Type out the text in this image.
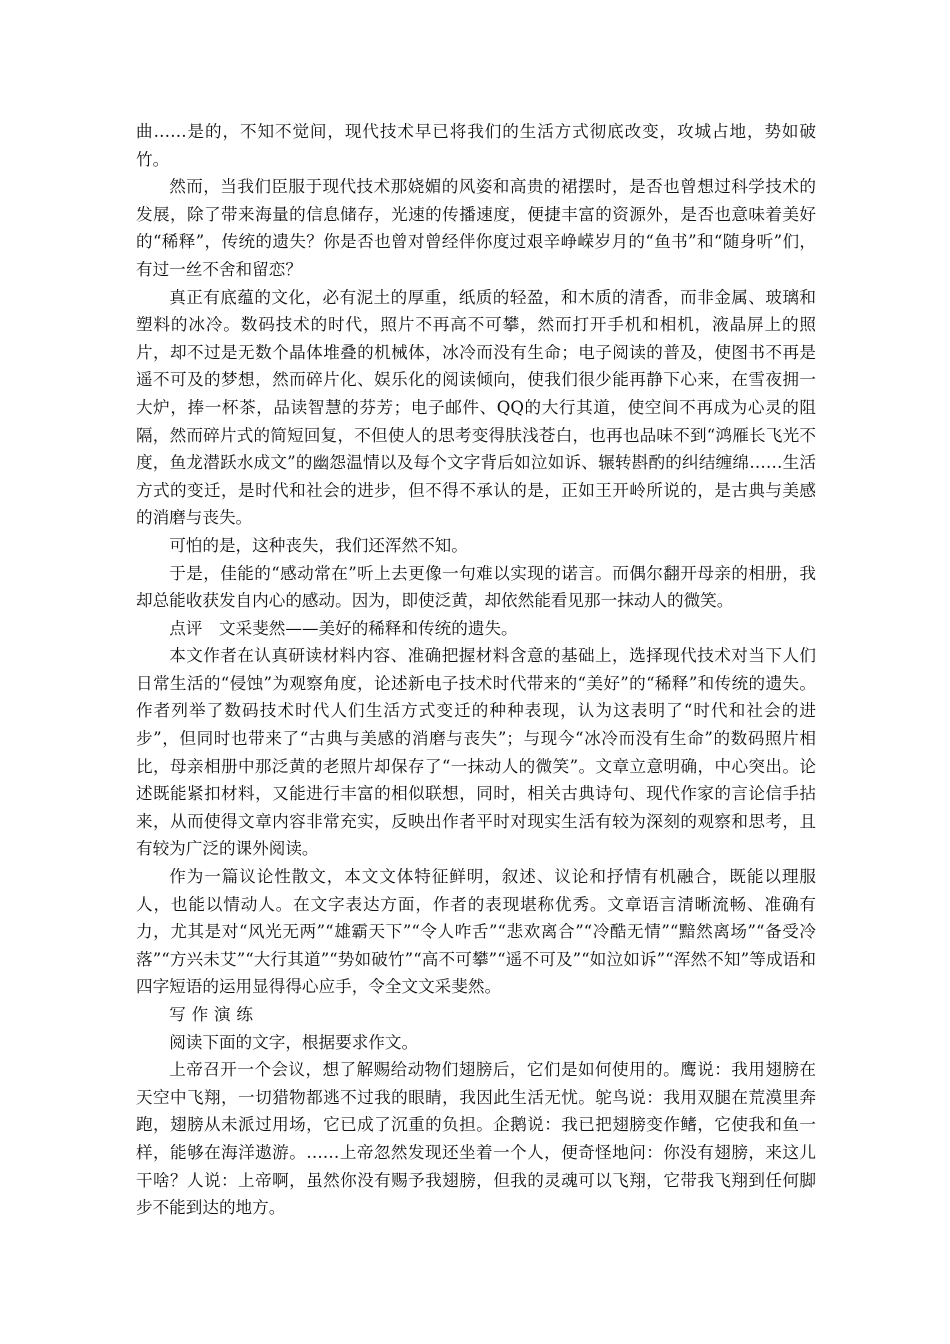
曲……是的，不知不觉间，现代技术早已将我们的生活方式彻底改变，攻城占地，势如破竹。

然而，当我们臣服于现代技术那娆媚的风姿和高贵的裙摆时，是否也曾想过科学技术的发展，除了带来海量的信息储存，光速的传播速度，便捷丰富的资源外，是否也意味着美好的“稀释”，传统的遗失？你是否也曾对曾经伴你度过艰辛峥嵘岁月的“鱼书”和“随身听”们，有过一丝不舍和留恋？

真正有底蕴的文化，必有泥土的厚重，纸质的轻盈，和木质的清香，而非金属、玻璃和塑料的冰冷。数码技术的时代，照片不再高不可攀，然而打开手机和相机，液晶屏上的照片，却不过是无数个晶体堆叠的机械体，冰冷而没有生命；电子阅读的普及，使图书不再是遥不可及的梦想，然而碎片化、娱乐化的阅读倾向，使我们很少能再静下心来，在雪夜拥一大炉，捧一杯茶，品读智慧的芬芳；电子邮件、QQ的大行其道，使空间不再成为心灵的阻隔，然而碎片式的简短回复，不但使人的思考变得肤浅苍白，也再也品味不到“鸿雁长飞光不度，鱼龙潜跃水成文”的幽怨温情以及每个文字背后如泣如诉、辗转斟酌的纠结缠绵……生活方式的变迁，是时代和社会的进步，但不得不承认的是，正如王开岭所说的，是古典与美感的消磨与丧失。

可怕的是，这种丧失，我们还浑然不知。

于是，佳能的“感动常在”听上去更像一句难以实现的诺言。而偶尔翻开母亲的相册，我却总能收获发自内心的感动。因为，即使泛黄，却依然能看见那一抹动人的微笑。

点评　文采斐然——美好的稀释和传统的遗失。

本文作者在认真研读材料内容、准确把握材料含意的基础上，选择现代技术对当下人们日常生活的“侵蚀”为观察角度，论述新电子技术时代带来的“美好”的“稀释”和传统的遗失。作者列举了数码技术时代人们生活方式变迁的种种表现，认为这表明了“时代和社会的进步”，但同时也带来了“古典与美感的消磨与丧失”；与现今“冰冷而没有生命”的数码照片相比，母亲相册中那泛黄的老照片却保存了“一抹动人的微笑”。文章立意明确，中心突出。论述既能紧扣材料，又能进行丰富的相似联想，同时，相关古典诗句、现代作家的言论信手拈来，从而使得文章内容非常充实，反映出作者平时对现实生活有较为深刻的观察和思考，且有较为广泛的课外阅读。

作为一篇议论性散文，本文文体特征鲜明，叙述、议论和抒情有机融合，既能以理服人，也能以情动人。在文字表达方面，作者的表现堪称优秀。文章语言清晰流畅、准确有力，尤其是对“风光无两”“雄霸天下”“令人咋舌”“悲欢离合”“冷酷无情”“黯然离场”“备受冷落”“方兴未艾”“大行其道”“势如破竹”“高不可攀”“遥不可及”“如泣如诉”“浑然不知”等成语和四字短语的运用显得得心应手，令全文文采斐然。

写作演练

阅读下面的文字，根据要求作文。

上帝召开一个会议，想了解赐给动物们翅膀后，它们是如何使用的。鹰说：我用翅膀在天空中飞翔，一切猎物都逃不过我的眼睛，我因此生活无忧。鸵鸟说：我用双腿在荒漠里奔跑，翅膀从未派过用场，它已成了沉重的负担。企鹅说：我已把翅膀变作鳍，它使我和鱼一样，能够在海洋遨游。……上帝忽然发现还坐着一个人，便奇怪地问：你没有翅膀，来这儿干啥？人说：上帝啊，虽然你没有赐予我翅膀，但我的灵魂可以飞翔，它带我飞翔到任何脚步不能到达的地方。
